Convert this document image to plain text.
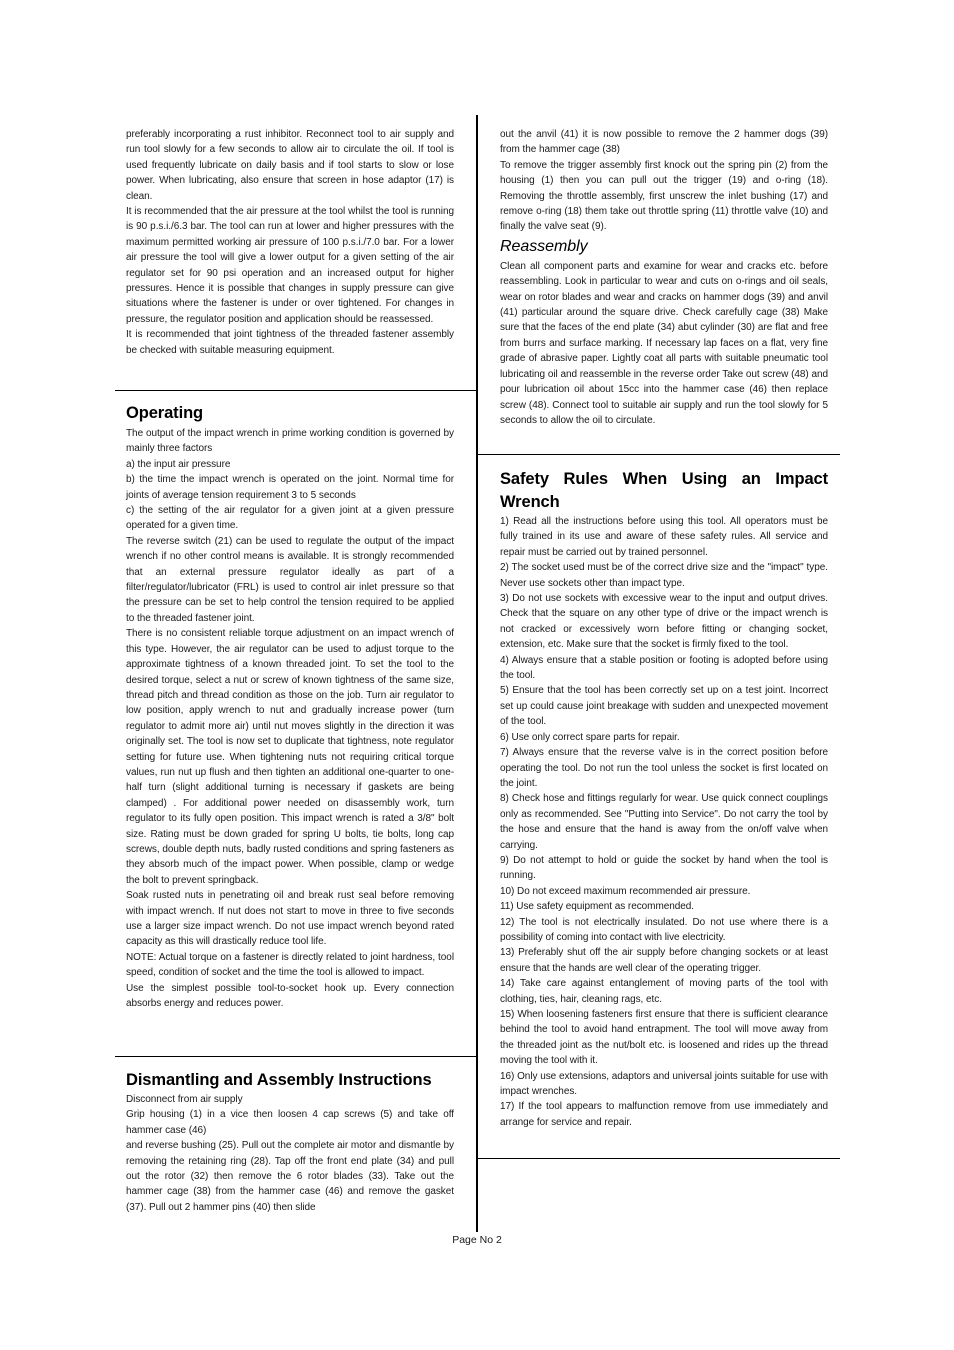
preferably incorporating a rust inhibitor. Reconnect tool to air supply and run tool slowly for a few seconds to allow air to circulate the oil. If tool is used frequently lubricate on daily basis and if tool starts to slow or lose power. When lubricating, also ensure that screen in hose adaptor (17) is clean.

It is recommended that the air pressure at the tool whilst the tool is running is 90 p.s.i./6.3 bar. The tool can run at lower and higher pressures with the maximum permitted working air pressure of 100 p.s.i./7.0 bar. For a lower air pressure the tool will give a lower output for a given setting of the air regulator set for 90 psi operation and an increased output for higher pressures. Hence it is possible that changes in supply pressure can give situations where the fastener is under or over tightened. For changes in pressure, the regulator position and application should be reassessed.

It is recommended that joint tightness of the threaded fastener assembly be checked with suitable measuring equipment.

Operating

The output of the impact wrench in prime working condition is governed by mainly three factors

a) the input air pressure

b) the time the impact wrench is operated on the joint. Normal time for joints of average tension requirement 3 to 5 seconds

c) the setting of the air regulator for a given joint at a given pressure operated for a given time.

The reverse switch (21) can be used to regulate the output of the impact wrench if no other control means is available. It is strongly recommended that an external pressure regulator ideally as part of a filter/regulator/lubricator (FRL) is used to control air inlet pressure so that the pressure can be set to help control the tension required to be applied to the threaded fastener joint.

There is no consistent reliable torque adjustment on an impact wrench of this type. However, the air regulator can be used to adjust torque to the approximate tightness of a known threaded joint. To set the tool to the desired torque, select a nut or screw of known tightness of the same size, thread pitch and thread condition as those on the job. Turn air regulator to low position, apply wrench to nut and gradually increase power (turn regulator to admit more air) until nut moves slightly in the direction it was originally set. The tool is now set to duplicate that tightness, note regulator setting for future use. When tightening nuts not requiring critical torque values, run nut up flush and then tighten an additional one-quarter to one-half turn (slight additional turning is necessary if gaskets are being clamped) . For additional power needed on disassembly work, turn regulator to its fully open position. This impact wrench is rated a 3/8" bolt size. Rating must be down graded for spring U bolts, tie bolts, long cap screws, double depth nuts, badly rusted conditions and spring fasteners as they absorb much of the impact power. When possible, clamp or wedge the bolt to prevent springback.

Soak rusted nuts in penetrating oil and break rust seal before removing with impact wrench. If nut does not start to move in three to five seconds use a larger size impact wrench. Do not use impact wrench beyond rated capacity as this will drastically reduce tool life.

NOTE: Actual torque on a fastener is directly related to joint hardness, tool speed, condition of socket and the time the tool is allowed to impact.

Use the simplest possible tool-to-socket hook up. Every connection absorbs energy and reduces power.

Dismantling and Assembly Instructions

Disconnect from air supply

Grip housing (1) in a vice then loosen 4 cap screws (5) and take off hammer case (46)

and reverse bushing (25). Pull out the complete air motor and dismantle by removing the retaining ring (28). Tap off the front end plate (34) and pull out the rotor (32) then remove the 6 rotor blades (33). Take out the hammer cage (38) from the hammer case (46) and remove the gasket (37). Pull out 2 hammer pins (40) then slide

out the anvil (41) it is now possible to remove the 2 hammer dogs (39) from the hammer cage (38)

To remove the trigger assembly first knock out the spring pin (2) from the housing (1) then you can pull out the trigger (19) and o-ring (18). Removing the throttle assembly, first unscrew the inlet bushing (17) and remove o-ring (18) them take out throttle spring (11) throttle valve (10) and finally the valve seat (9).

Reassembly

Clean all component parts and examine for wear and cracks etc. before reassembling. Look in particular to wear and cuts on o-rings and oil seals, wear on rotor blades and wear and cracks on hammer dogs (39) and anvil (41) particular around the square drive. Check carefully cage (38) Make sure that the faces of the end plate (34) abut cylinder (30) are flat and free from burrs and surface marking. If necessary lap faces on a flat, very fine grade of abrasive paper. Lightly coat all parts with suitable pneumatic tool lubricating oil and reassemble in the reverse order Take out screw (48) and pour lubrication oil about 15cc into the hammer case (46) then replace screw (48). Connect tool to suitable air supply and run the tool slowly for 5 seconds to allow the oil to circulate.

Safety Rules When Using an Impact Wrench

1) Read all the instructions before using this tool. All operators must be fully trained in its use and aware of these safety rules. All service and repair must be carried out by trained personnel.

2) The socket used must be of the correct drive size and the "impact" type. Never use sockets other than impact type.

3) Do not use sockets with excessive wear to the input and output drives. Check that the square on any other type of drive or the impact wrench is not cracked or excessively worn before fitting or changing socket, extension, etc. Make sure that the socket is firmly fixed to the tool.

4) Always ensure that a stable position or footing is adopted before using the tool.

5) Ensure that the tool has been correctly set up on a test joint. Incorrect set up could cause joint breakage with sudden and unexpected movement of the tool.

6) Use only correct spare parts for repair.

7) Always ensure that the reverse valve is in the correct position before operating the tool. Do not run the tool unless the socket is first located on the joint.

8) Check hose and fittings regularly for wear. Use quick connect couplings only as recommended. See "Putting into Service". Do not carry the tool by the hose and ensure that the hand is away from the on/off valve when carrying.

9) Do not attempt to hold or guide the socket by hand when the tool is running.

10) Do not exceed maximum recommended air pressure.

11) Use safety equipment as recommended.

12) The tool is not electrically insulated. Do not use where there is a possibility of coming into contact with live electricity.

13) Preferably shut off the air supply before changing sockets or at least ensure that the hands are well clear of the operating trigger.

14) Take care against entanglement of moving parts of the tool with clothing, ties, hair, cleaning rags, etc.

15) When loosening fasteners first ensure that there is sufficient clearance behind the tool to avoid hand entrapment. The tool will move away from the threaded joint as the nut/bolt etc. is loosened and rides up the thread moving the tool with it.

16) Only use extensions, adaptors and universal joints suitable for use with impact wrenches.

17) If the tool appears to malfunction remove from use immediately and arrange for service and repair.

Page No 2
